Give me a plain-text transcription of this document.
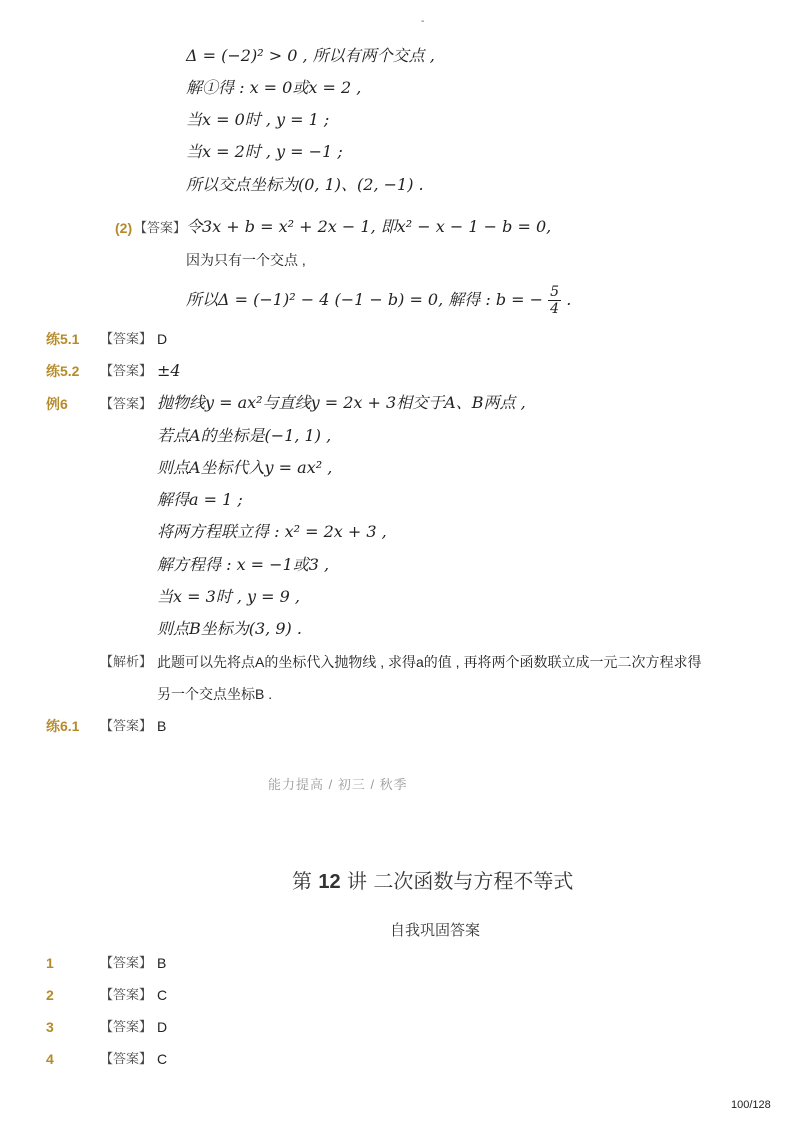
-
Δ = (−2)² > 0 , 所以有两个交点 ,
解①得 : x = 0或x = 2 ,
当x = 0时 , y = 1 ;
当x = 2时 , y = −1 ;
所以交点坐标为(0, 1)、(2, −1) .
(2) 【答案】 令3x + b = x² + 2x − 1, 即x² − x − 1 − b = 0,
因为只有一个交点 ,
所以Δ = (−1)² − 4 (−1 − b) = 0, 解得 : b = − $\frac{5}{4}$ .
练5.1 【答案】 D
练5.2 【答案】 ±4
例6 【答案】 抛物线y = ax²与直线y = 2x + 3相交于A、B两点 ,
若点A的坐标是(−1, 1) ,
则点A坐标代入y = ax² ,
解得a = 1 ;
将两方程联立得 : x² = 2x + 3 ,
解方程得 : x = −1或3 ,
当x = 3时 , y = 9 ,
则点B坐标为(3, 9) .
【解析】 此题可以先将点A的坐标代入抛物线 , 求得a的值 , 再将两个函数联立成一元二次方程求得
另一个交点坐标B .
练6.1 【答案】 B
能力提高 / 初三 / 秋季
第 12 讲 二次函数与方程不等式
自我巩固答案
1	【答案】 B
2	【答案】 C
3	【答案】 D
4	【答案】 C
100/128
